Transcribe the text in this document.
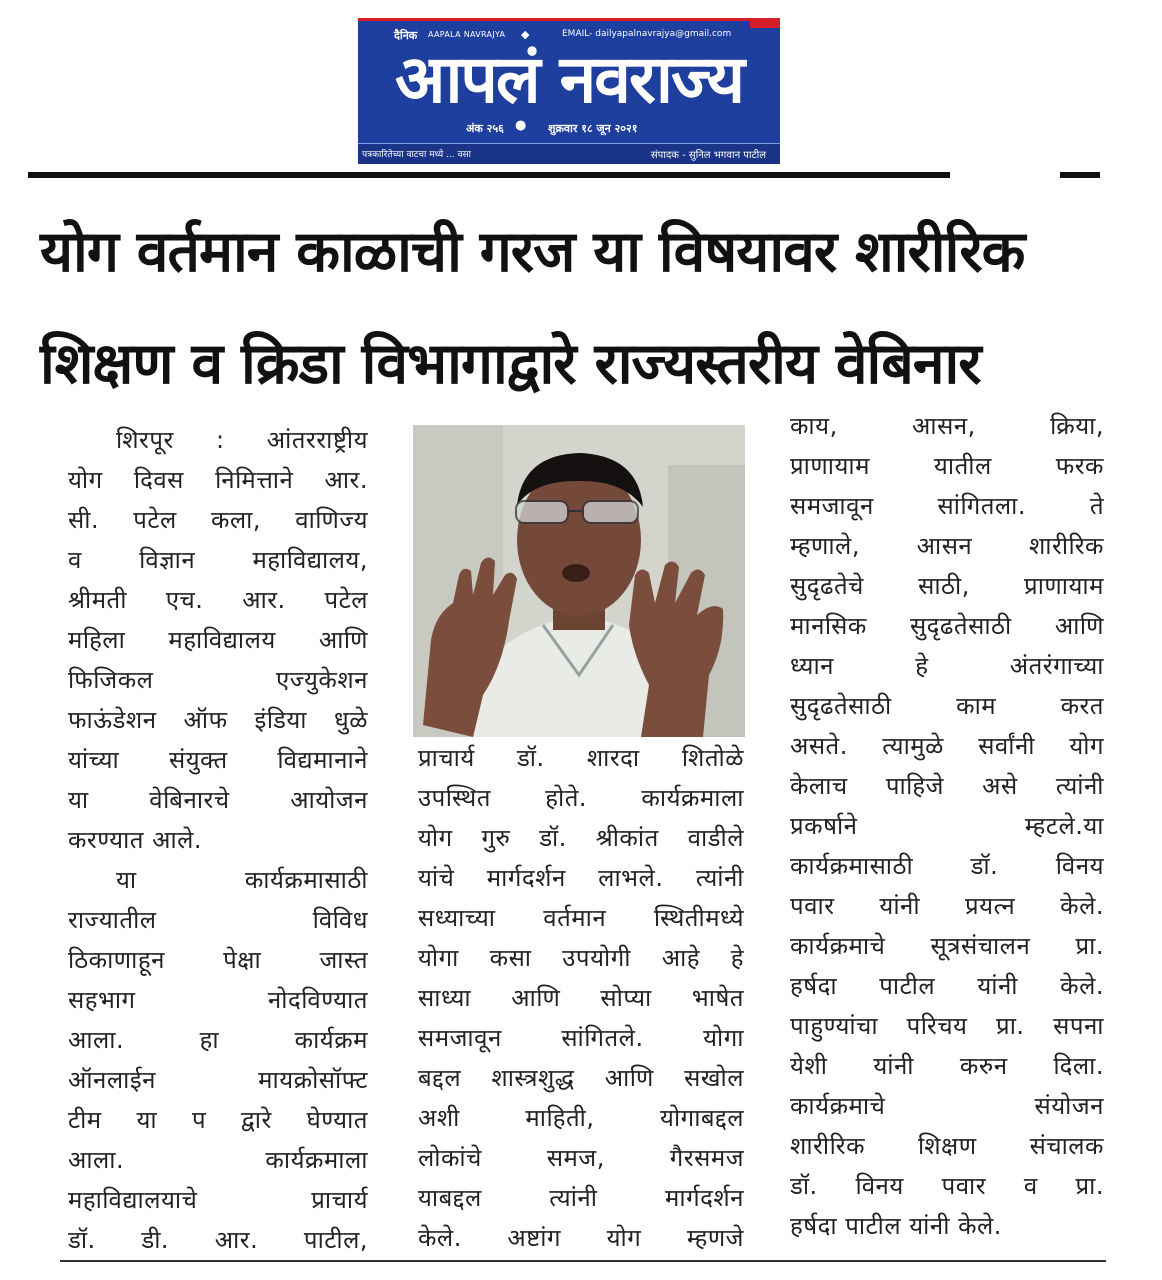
दैनिक AAPALA NAVRAJYA ◆	EMAIL- dailyapalnavrajya@gmail.com
आपलं नवराज्य
अंक २५६ ● शुक्रवार १८ जून २०२१
पत्रकारितेच्या वाटचा मध्ये ... वसा	संपादक - सुनिल भगवान पाटील
योग वर्तमान काळाची गरज या विषयावर शारीरिक
शिक्षण व क्रिडा विभागाद्वारे राज्यस्तरीय वेबिनार
शिरपूर : आंतरराष्ट्रीय
योग दिवस निमित्ताने आर.
सी. पटेल कला, वाणिज्य
व विज्ञान महाविद्यालय,
श्रीमती एच. आर. पटेल
महिला महाविद्यालय आणि
फिजिकल एज्युकेशन
फाऊंडेशन ऑफ इंडिया धुळे
यांच्या संयुक्त विद्यमानाने
या वेबिनारचे आयोजन
करण्यात आले.
या कार्यक्रमासाठी
राज्यातील विविध
ठिकाणाहून पेक्षा जास्त
सहभाग नोदविण्यात
आला. हा कार्यक्रम
ऑनलाईन मायक्रोसॉफ्ट
टीम या प द्वारे घेण्यात
आला. कार्यक्रमाला
महाविद्यालयाचे प्राचार्य
डॉ. डी. आर. पाटील,
प्राचार्य डॉ. शारदा शितोळे
उपस्थित होते. कार्यक्रमाला
योग गुरु डॉ. श्रीकांत वाडीले
यांचे मार्गदर्शन लाभले. त्यांनी
सध्याच्या वर्तमान स्थितीमध्ये
योगा कसा उपयोगी आहे हे
साध्या आणि सोप्या भाषेत
समजावून सांगितले. योगा
बद्दल शास्त्रशुद्ध आणि सखोल
अशी माहिती, योगाबद्दल
लोकांचे समज, गैरसमज
याबद्दल त्यांनी मार्गदर्शन
केले. अष्टांग योग म्हणजे
काय, आसन, क्रिया,
प्राणायाम यातील फरक
समजावून सांगितला. ते
म्हणाले, आसन शारीरिक
सुदृढतेचे साठी, प्राणायाम
मानसिक सुदृढतेसाठी आणि
ध्यान हे अंतरंगाच्या
सुदृढतेसाठी काम करत
असते. त्यामुळे सर्वांनी योग
केलाच पाहिजे असे त्यांनी
प्रकर्षाने म्हटले.या
कार्यक्रमासाठी डॉ. विनय
पवार यांनी प्रयत्न केले.
कार्यक्रमाचे सूत्रसंचालन प्रा.
हर्षदा पाटील यांनी केले.
पाहुण्यांचा परिचय प्रा. सपना
येशी यांनी करुन दिला.
कार्यक्रमाचे संयोजन
शारीरिक शिक्षण संचालक
डॉ. विनय पवार व प्रा.
हर्षदा पाटील यांनी केले.
